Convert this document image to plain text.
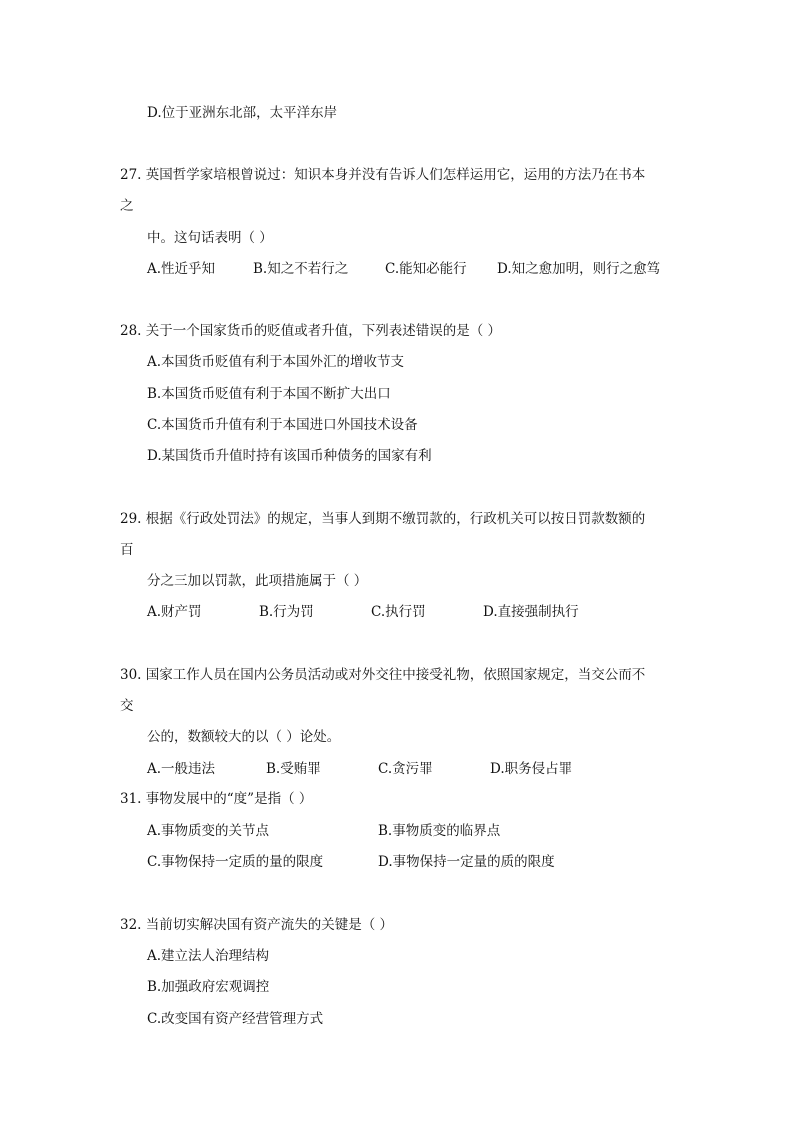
D.位于亚洲东北部，太平洋东岸
27. 英国哲学家培根曾说过：知识本身并没有告诉人们怎样运用它，运用的方法乃在书本
之
中。这句话表明（ ）
A.性近乎知	B.知之不若行之	C.能知必能行 D.知之愈加明，则行之愈笃
28. 关于一个国家货币的贬值或者升值，下列表述错误的是（ ）
A.本国货币贬值有利于本国外汇的增收节支
B.本国货币贬值有利于本国不断扩大出口
C.本国货币升值有利于本国进口外国技术设备
D.某国货币升值时持有该国币种债务的国家有利
29. 根据《行政处罚法》的规定，当事人到期不缴罚款的，行政机关可以按日罚款数额的
百
分之三加以罚款，此项措施属于（ ）
A.财产罚	B.行为罚	C.执行罚	D.直接强制执行
30. 国家工作人员在国内公务员活动或对外交往中接受礼物，依照国家规定，当交公而不
交
公的，数额较大的以（ ）论处。
A.一般违法	B.受贿罪	C.贪污罪	D.职务侵占罪
31. 事物发展中的“度”是指（ ）
A.事物质变的关节点	B.事物质变的临界点
C.事物保持一定质的量的限度	D.事物保持一定量的质的限度
32. 当前切实解决国有资产流失的关键是（ ）
A.建立法人治理结构
B.加强政府宏观调控
C.改变国有资产经营管理方式
